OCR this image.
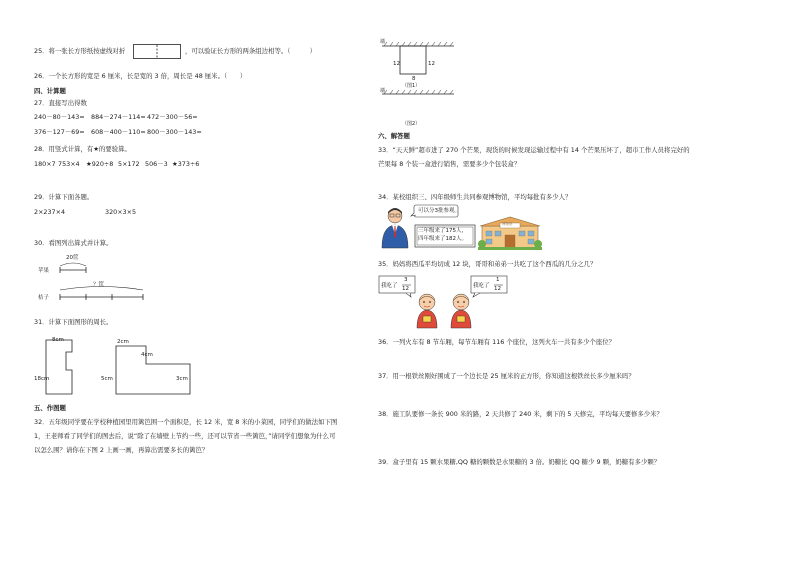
25．将一张长方形纸按虚线对折	，可以验证长方形的两条组边相等。（　　　）
26．一个长方形的宽是 6 厘米，长是宽的 3 倍，周长是 48 厘米。（　　）
四、计算题
27．直接写出得数
240－80－143= 884－274－114= 472－300－56=
376－127－69= 608－400－110= 800－300－143=
28．用竖式计算，有★的要验算。
180×7 753×4 ★920÷8 5×172 506－3 ★373÷6
29．计算下面各题。
2×237×4	320×3×5
30．看图列出算式并计算。
20筐
苹果
？筐
桔子
31．计算下面图形的周长。
8cm
18cm
2cm
4cm
5cm	3cm
五、作图题
32．五年级同学要在学校种植园里用篱笆围一个面积是，长 12 米，宽 8 米的小菜园，同学们的做法如下图
1，王老师看了同学们的图去后，说“除了在墙壁上节约一些，还可以节省一些篱笆，”请同学们想象为什么可
以怎么围？请你在下图 2 上画一画，再算出需要多长的篱笆？
墙
12	12
8
（图1）
墙
（图2）
六、解答题
33．“天天鲜”超市进了 270 个芒果，现货的时候发现运输过程中有 14 个芒果压坏了，超市工作人员将完好的
芒果每 8 个装一盒进行销售，需要多少个包装盒？
34．某校组织三、四年级师生共同参观博物馆，平均每批有多少人？
可以分3批参观。
三年级来了175人，
四年级来了182人。
博物馆
35．妈妈将西瓜平均切成 12 块，哥哥和弟弟一共吃了这个西瓜的几分之几？
我吃了
3
12	我吃了
1
12
36．一列火车有 8 节车厢，每节车厢有 116 个座位，这列火车一共有多少个座位？
37．用一根铁丝刚好围成了一个边长是 25 厘米的正方形，你知道这根铁丝长多少厘米吗？
38．施工队要修一条长 900 米的路，2 天共修了 240 米，剩下的 5 天修完，平均每天要修多少米？
39．盒子里有 15 颗水果糖,QQ 糖的颗数是水果糖的 3 倍。奶糖比 QQ 糖少 9 颗，奶糖有多少颗？
